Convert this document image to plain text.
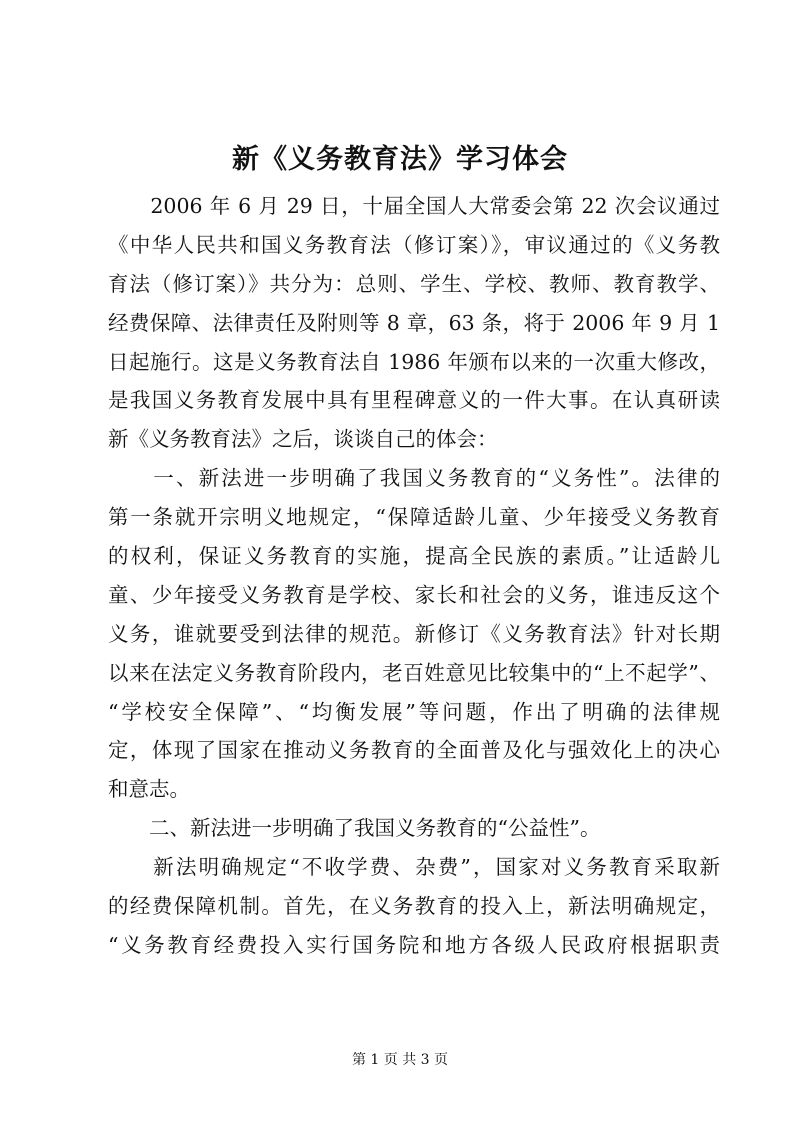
新《义务教育法》学习体会

　　2006 年 6 月 29 日，十届全国人大常委会第 22 次会议通过

《中华人民共和国义务教育法（修订案）》，审议通过的《义务教

育法（修订案）》共分为：总则、学生、学校、教师、教育教学、

经费保障、法律责任及附则等 8 章，63 条，将于 2006 年 9 月 1

日起施行。这是义务教育法自 1986 年颁布以来的一次重大修改，

是我国义务教育发展中具有里程碑意义的一件大事。在认真研读

新《义务教育法》之后，谈谈自己的体会：

　　一、新法进一步明确了我国义务教育的“义务性”。法律的

第一条就开宗明义地规定，“保障适龄儿童、少年接受义务教育

的权利，保证义务教育的实施，提高全民族的素质。”让适龄儿

童、少年接受义务教育是学校、家长和社会的义务，谁违反这个

义务，谁就要受到法律的规范。新修订《义务教育法》针对长期

以来在法定义务教育阶段内，老百姓意见比较集中的“上不起学”、

“学校安全保障”、“均衡发展”等问题，作出了明确的法律规

定，体现了国家在推动义务教育的全面普及化与强效化上的决心

和意志。

　　二、新法进一步明确了我国义务教育的“公益性”。

　　新法明确规定“不收学费、杂费”，国家对义务教育采取新

的经费保障机制。首先，在义务教育的投入上，新法明确规定，

“义务教育经费投入实行国务院和地方各级人民政府根据职责

第 1 页 共 3 页
